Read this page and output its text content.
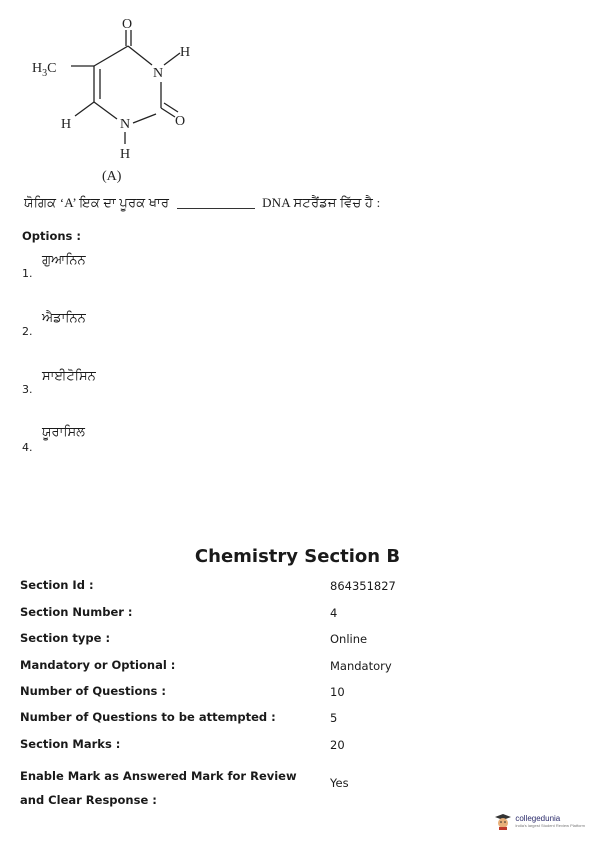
O
N
H
O
N
H
$H_3C$
H
(A)
ਯੋਗਿਕ ‘A’ ਇਕ ਦਾ ਪੂਰਕ ਖਾਰ	DNA ਸਟਰੈਂਡਜ ਵਿੱਚ ਹੈ :
Options :
1.
ਗੁਆਨਿਨ
2.
ਐਡਾਨਿਨ
3.
ਸਾਈਟੋਸਿਨ
4.
ਯੂਰਾਸਿਲ
Chemistry Section B
Section Id :	864351827
Section Number :	4
Section type :	Online
Mandatory or Optional :	Mandatory
Number of Questions :	10
Number of Questions to be attempted :	5
Section Marks :	20
Enable Mark as Answered Mark for Review and Clear Response :
Yes
collegedunia
India's largest Student Review Platform
